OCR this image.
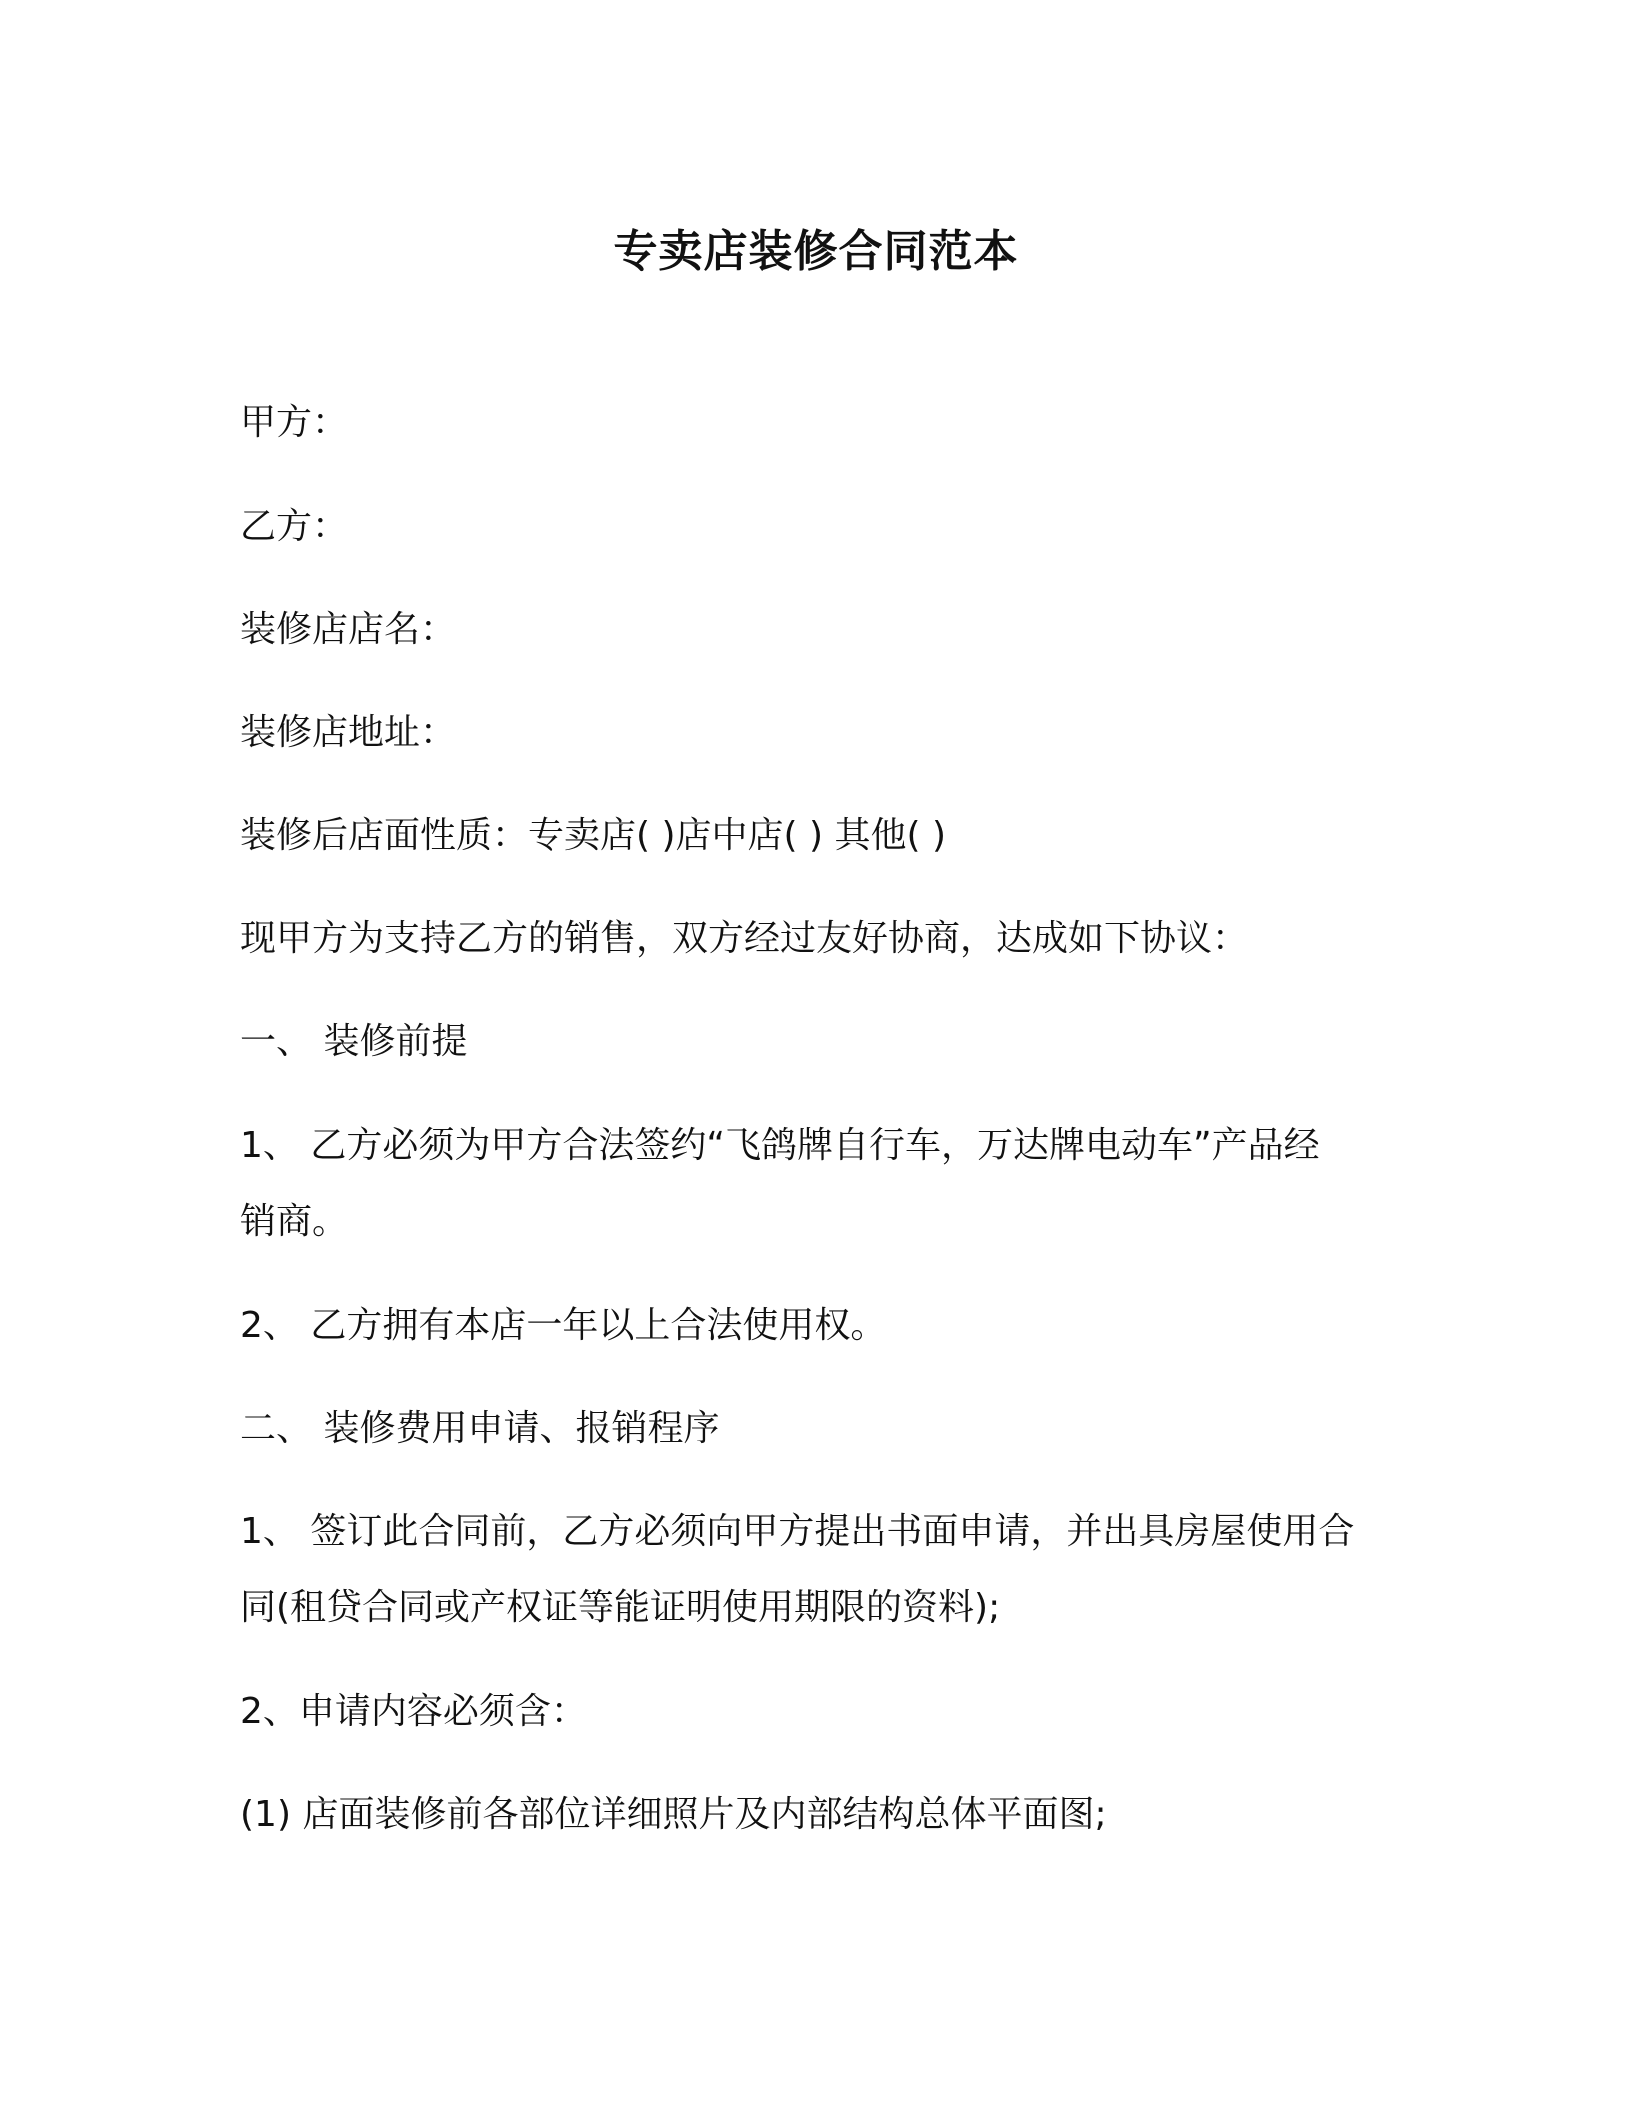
专卖店装修合同范本
甲方：
乙方：
装修店店名：
装修店地址：
装修后店面性质：专卖店( )店中店( ) 其他( )
现甲方为支持乙方的销售，双方经过友好协商，达成如下协议：
一、 装修前提
1、 乙方必须为甲方合法签约“飞鸽牌自行车，万达牌电动车”产品经
销商。
2、 乙方拥有本店一年以上合法使用权。
二、 装修费用申请、报销程序
1、 签订此合同前，乙方必须向甲方提出书面申请，并出具房屋使用合
同(租贷合同或产权证等能证明使用期限的资料);
2、申请内容必须含：
(1) 店面装修前各部位详细照片及内部结构总体平面图;
